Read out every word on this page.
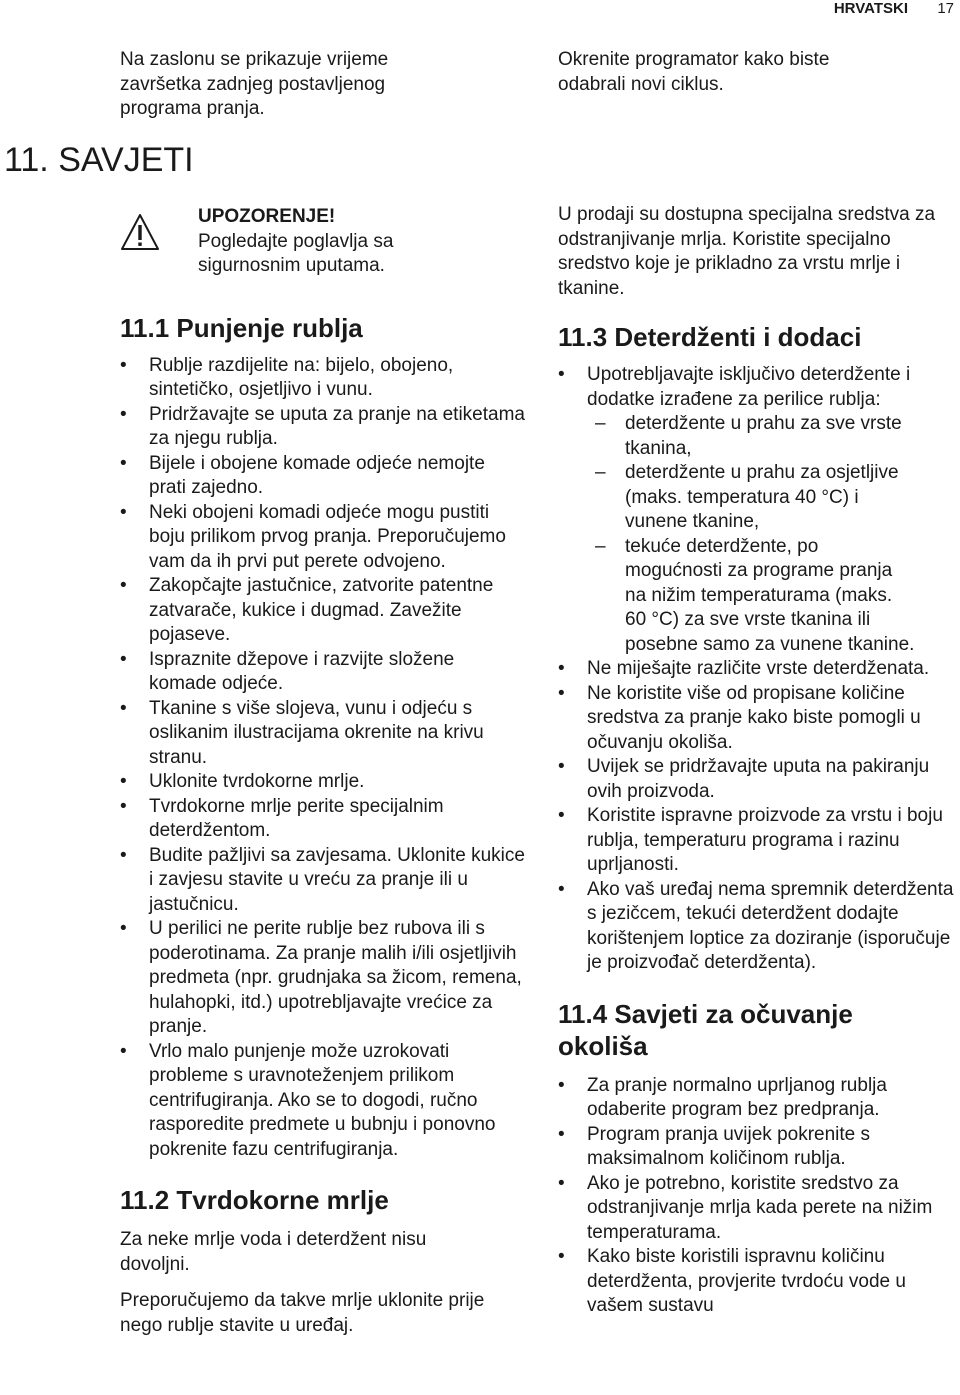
HRVATSKI 17
11. SAVJETI
UPOZORENJE!
Pogledajte poglavlja sa sigurnosnim uputama.

Na zaslonu se prikazuje vrijeme završetka zadnjeg postavljenog programa pranja.

11.1 Punjenje rublja
• Rublje razdijelite na: bijelo, obojeno, sintetičko, osjetljivo i vunu.
• Pridržavajte se uputa za pranje na etiketama za njegu rublja.
• Bijele i obojene komade odjeće nemojte prati zajedno.
• Neki obojeni komadi odjeće mogu pustiti boju prilikom prvog pranja. Preporučujemo vam da ih prvi put perete odvojeno.
• Zakopčajte jastučnice, zatvorite patentne zatvarače, kukice i dugmad. Zavežite pojaseve.
• Ispraznite džepove i razvijte složene komade odjeće.
• Tkanine s više slojeva, vunu i odjeću s oslikanim ilustracijama okrenite na krivu stranu.
• Uklonite tvrdokorne mrlje.
• Tvrdokorne mrlje perite specijalnim deterdžentom.
• Budite pažljivi sa zavjesama. Uklonite kukice i zavjesu stavite u vreću za pranje ili u jastučnicu.
• U perilici ne perite rublje bez rubova ili s poderotinama. Za pranje malih i/ili osjetljivih predmeta (npr. grudnjaka sa žicom, remena, hulahopki, itd.) upotrebljavajte vrećice za pranje.
• Vrlo malo punjenje može uzrokovati probleme s uravnoteženjem prilikom centrifugiranja. Ako se to dogodi, ručno rasporedite predmete u bubnju i ponovno pokrenite fazu centrifugiranja.
11.2 Tvrdokorne mrlje

Za neke mrlje voda i deterdžent nisu dovoljni.

Preporučujemo da takve mrlje uklonite prije nego rublje stavite u uređaj.

Okrenite programator kako biste odabrali novi ciklus.

U prodaji su dostupna specijalna sredstva za odstranjivanje mrlja. Koristite specijalno sredstvo koje je prikladno za vrstu mrlje i tkanine.

11.3 Deterdženti i dodaci
• Upotrebljavajte isključivo deterdžente i dodatke izrađene za perilice rublja:
– deterdžente u prahu za sve vrste tkanina,
– deterdžente u prahu za osjetljive (maks. temperatura 40 °C) i vunene tkanine,
– tekuće deterdžente, po mogućnosti za programe pranja na nižim temperaturama (maks. 60 °C) za sve vrste tkanina ili posebne samo za vunene tkanine.
• Ne miješajte različite vrste deterdženata.
• Ne koristite više od propisane količine sredstva za pranje kako biste pomogli u očuvanju okoliša.
• Uvijek se pridržavajte uputa na pakiranju ovih proizvoda.
• Koristite ispravne proizvode za vrstu i boju rublja, temperaturu programa i razinu uprljanosti.
• Ako vaš uređaj nema spremnik deterdženta s jezičcem, tekući deterdžent dodajte korištenjem loptice za doziranje (isporučuje je proizvođač deterdženta).
11.4 Savjeti za očuvanje okoliša
• Za pranje normalno uprljanog rublja odaberite program bez predpranja.
• Program pranja uvijek pokrenite s maksimalnom količinom rublja.
• Ako je potrebno, koristite sredstvo za odstranjivanje mrlja kada perete na nižim temperaturama.
• Kako biste koristili ispravnu količinu deterdženta, provjerite tvrdoću vode u vašem sustavu
